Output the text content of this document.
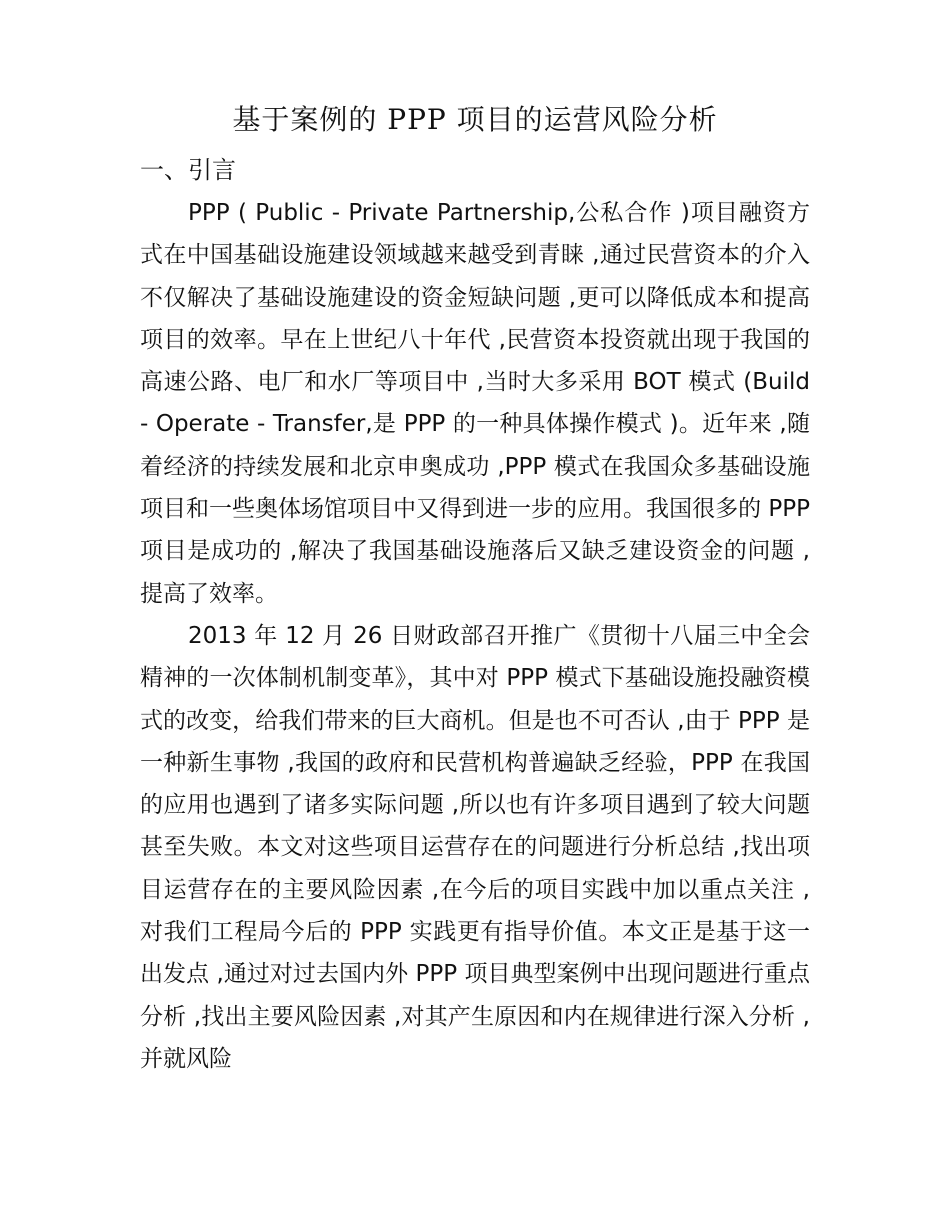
基于案例的 PPP 项目的运营风险分析
一、引言

PPP ( Public - Private Partnership,公私合作 )项目融资方式在中国基础设施建设领域越来越受到青睐 ,通过民营资本的介入不仅解决了基础设施建设的资金短缺问题 ,更可以降低成本和提高项目的效率。早在上世纪八十年代 ,民营资本投资就出现于我国的高速公路、电厂和水厂等项目中 ,当时大多采用 BOT 模式 (Build - Operate - Transfer,是 PPP 的一种具体操作模式 )。近年来 ,随着经济的持续发展和北京申奥成功 ,PPP 模式在我国众多基础设施项目和一些奥体场馆项目中又得到进一步的应用。我国很多的 PPP 项目是成功的 ,解决了我国基础设施落后又缺乏建设资金的问题 ,提高了效率。

2013 年 12 月 26 日财政部召开推广《贯彻十八届三中全会精神的一次体制机制变革》，其中对 PPP 模式下基础设施投融资模式的改变，给我们带来的巨大商机。但是也不可否认 ,由于 PPP 是一种新生事物 ,我国的政府和民营机构普遍缺乏经验，PPP 在我国的应用也遇到了诸多实际问题 ,所以也有许多项目遇到了较大问题甚至失败。本文对这些项目运营存在的问题进行分析总结 ,找出项目运营存在的主要风险因素 ,在今后的项目实践中加以重点关注 ,对我们工程局今后的 PPP 实践更有指导价值。本文正是基于这一出发点 ,通过对过去国内外 PPP 项目典型案例中出现问题进行重点分析 ,找出主要风险因素 ,对其产生原因和内在规律进行深入分析 ,并就风险
